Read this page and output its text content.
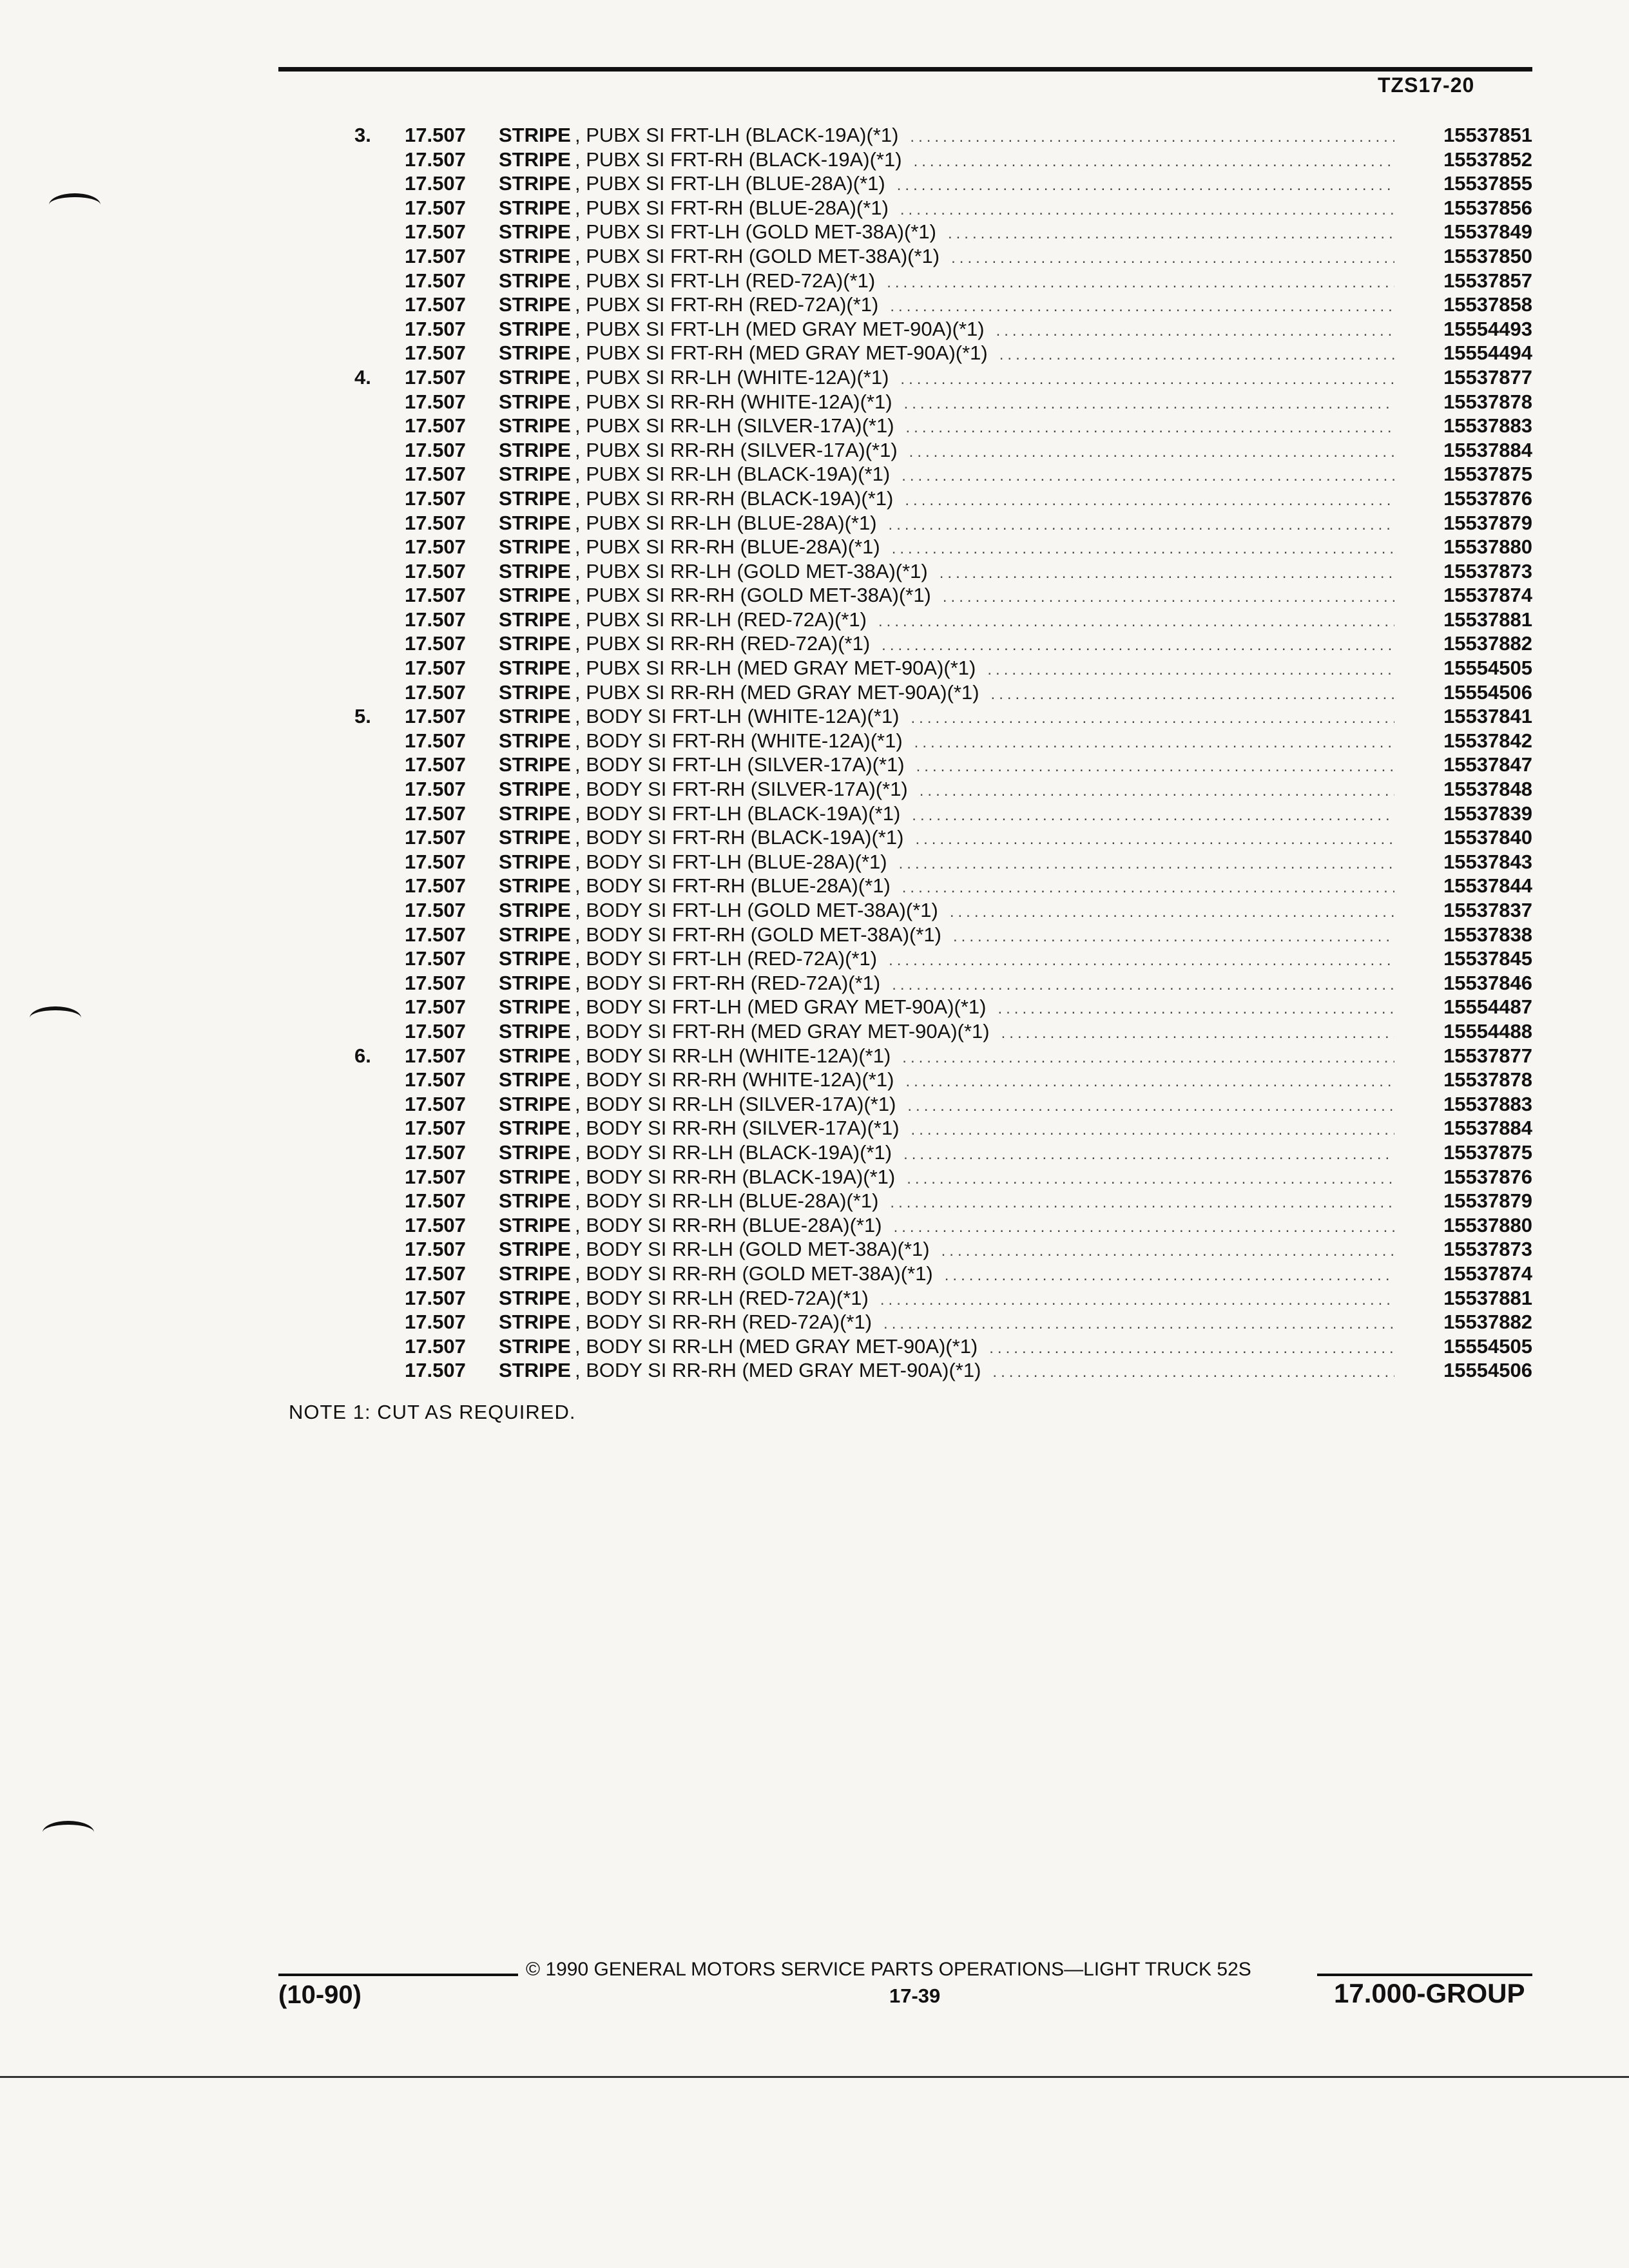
TZS17-20
3.	17.507	STRIPE , PUBX SI FRT-LH (BLACK-19A)(*1) .....	15537851
17.507	STRIPE , PUBX SI FRT-RH (BLACK-19A)(*1) .....	15537852
17.507	STRIPE , PUBX SI FRT-LH (BLUE-28A)(*1) .....	15537855
17.507	STRIPE , PUBX SI FRT-RH (BLUE-28A)(*1) .....	15537856
17.507	STRIPE , PUBX SI FRT-LH (GOLD MET-38A)(*1) .....	15537849
17.507	STRIPE , PUBX SI FRT-RH (GOLD MET-38A)(*1) .....	15537850
17.507	STRIPE , PUBX SI FRT-LH (RED-72A)(*1) .....	15537857
17.507	STRIPE , PUBX SI FRT-RH (RED-72A)(*1) .....	15537858
17.507	STRIPE , PUBX SI FRT-LH (MED GRAY MET-90A)(*1) .....	15554493
17.507	STRIPE , PUBX SI FRT-RH (MED GRAY MET-90A)(*1) .....	15554494
4.	17.507	STRIPE , PUBX SI RR-LH (WHITE-12A)(*1) .....	15537877
17.507	STRIPE , PUBX SI RR-RH (WHITE-12A)(*1) .....	15537878
17.507	STRIPE , PUBX SI RR-LH (SILVER-17A)(*1) .....	15537883
17.507	STRIPE , PUBX SI RR-RH (SILVER-17A)(*1) .....	15537884
17.507	STRIPE , PUBX SI RR-LH (BLACK-19A)(*1) .....	15537875
17.507	STRIPE , PUBX SI RR-RH (BLACK-19A)(*1) .....	15537876
17.507	STRIPE , PUBX SI RR-LH (BLUE-28A)(*1) .....	15537879
17.507	STRIPE , PUBX SI RR-RH (BLUE-28A)(*1) .....	15537880
17.507	STRIPE , PUBX SI RR-LH (GOLD MET-38A)(*1) .....	15537873
17.507	STRIPE , PUBX SI RR-RH (GOLD MET-38A)(*1) .....	15537874
17.507	STRIPE , PUBX SI RR-LH (RED-72A)(*1) .....	15537881
17.507	STRIPE , PUBX SI RR-RH (RED-72A)(*1) .....	15537882
17.507	STRIPE , PUBX SI RR-LH (MED GRAY MET-90A)(*1) .....	15554505
17.507	STRIPE , PUBX SI RR-RH (MED GRAY MET-90A)(*1) .....	15554506
5.	17.507	STRIPE , BODY SI FRT-LH (WHITE-12A)(*1) .....	15537841
17.507	STRIPE , BODY SI FRT-RH (WHITE-12A)(*1) .....	15537842
17.507	STRIPE , BODY SI FRT-LH (SILVER-17A)(*1) .....	15537847
17.507	STRIPE , BODY SI FRT-RH (SILVER-17A)(*1) .....	15537848
17.507	STRIPE , BODY SI FRT-LH (BLACK-19A)(*1) .....	15537839
17.507	STRIPE , BODY SI FRT-RH (BLACK-19A)(*1) .....	15537840
17.507	STRIPE , BODY SI FRT-LH (BLUE-28A)(*1) .....	15537843
17.507	STRIPE , BODY SI FRT-RH (BLUE-28A)(*1) .....	15537844
17.507	STRIPE , BODY SI FRT-LH (GOLD MET-38A)(*1) .....	15537837
17.507	STRIPE , BODY SI FRT-RH (GOLD MET-38A)(*1) .....	15537838
17.507	STRIPE , BODY SI FRT-LH (RED-72A)(*1) .....	15537845
17.507	STRIPE , BODY SI FRT-RH (RED-72A)(*1) .....	15537846
17.507	STRIPE , BODY SI FRT-LH (MED GRAY MET-90A)(*1) .....	15554487
17.507	STRIPE , BODY SI FRT-RH (MED GRAY MET-90A)(*1) .....	15554488
6.	17.507	STRIPE , BODY SI RR-LH (WHITE-12A)(*1) .....	15537877
17.507	STRIPE , BODY SI RR-RH (WHITE-12A)(*1) .....	15537878
17.507	STRIPE , BODY SI RR-LH (SILVER-17A)(*1) .....	15537883
17.507	STRIPE , BODY SI RR-RH (SILVER-17A)(*1) .....	15537884
17.507	STRIPE , BODY SI RR-LH (BLACK-19A)(*1) .....	15537875
17.507	STRIPE , BODY SI RR-RH (BLACK-19A)(*1) .....	15537876
17.507	STRIPE , BODY SI RR-LH (BLUE-28A)(*1) .....	15537879
17.507	STRIPE , BODY SI RR-RH (BLUE-28A)(*1) .....	15537880
17.507	STRIPE , BODY SI RR-LH (GOLD MET-38A)(*1) .....	15537873
17.507	STRIPE , BODY SI RR-RH (GOLD MET-38A)(*1) .....	15537874
17.507	STRIPE , BODY SI RR-LH (RED-72A)(*1) .....	15537881
17.507	STRIPE , BODY SI RR-RH (RED-72A)(*1) .....	15537882
17.507	STRIPE , BODY SI RR-LH (MED GRAY MET-90A)(*1) .....	15554505
17.507	STRIPE , BODY SI RR-RH (MED GRAY MET-90A)(*1) .....	15554506
NOTE 1: CUT AS REQUIRED.
© 1990 GENERAL MOTORS SERVICE PARTS OPERATIONS—LIGHT TRUCK 52S
(10-90)	17-39	17.000-GROUP
